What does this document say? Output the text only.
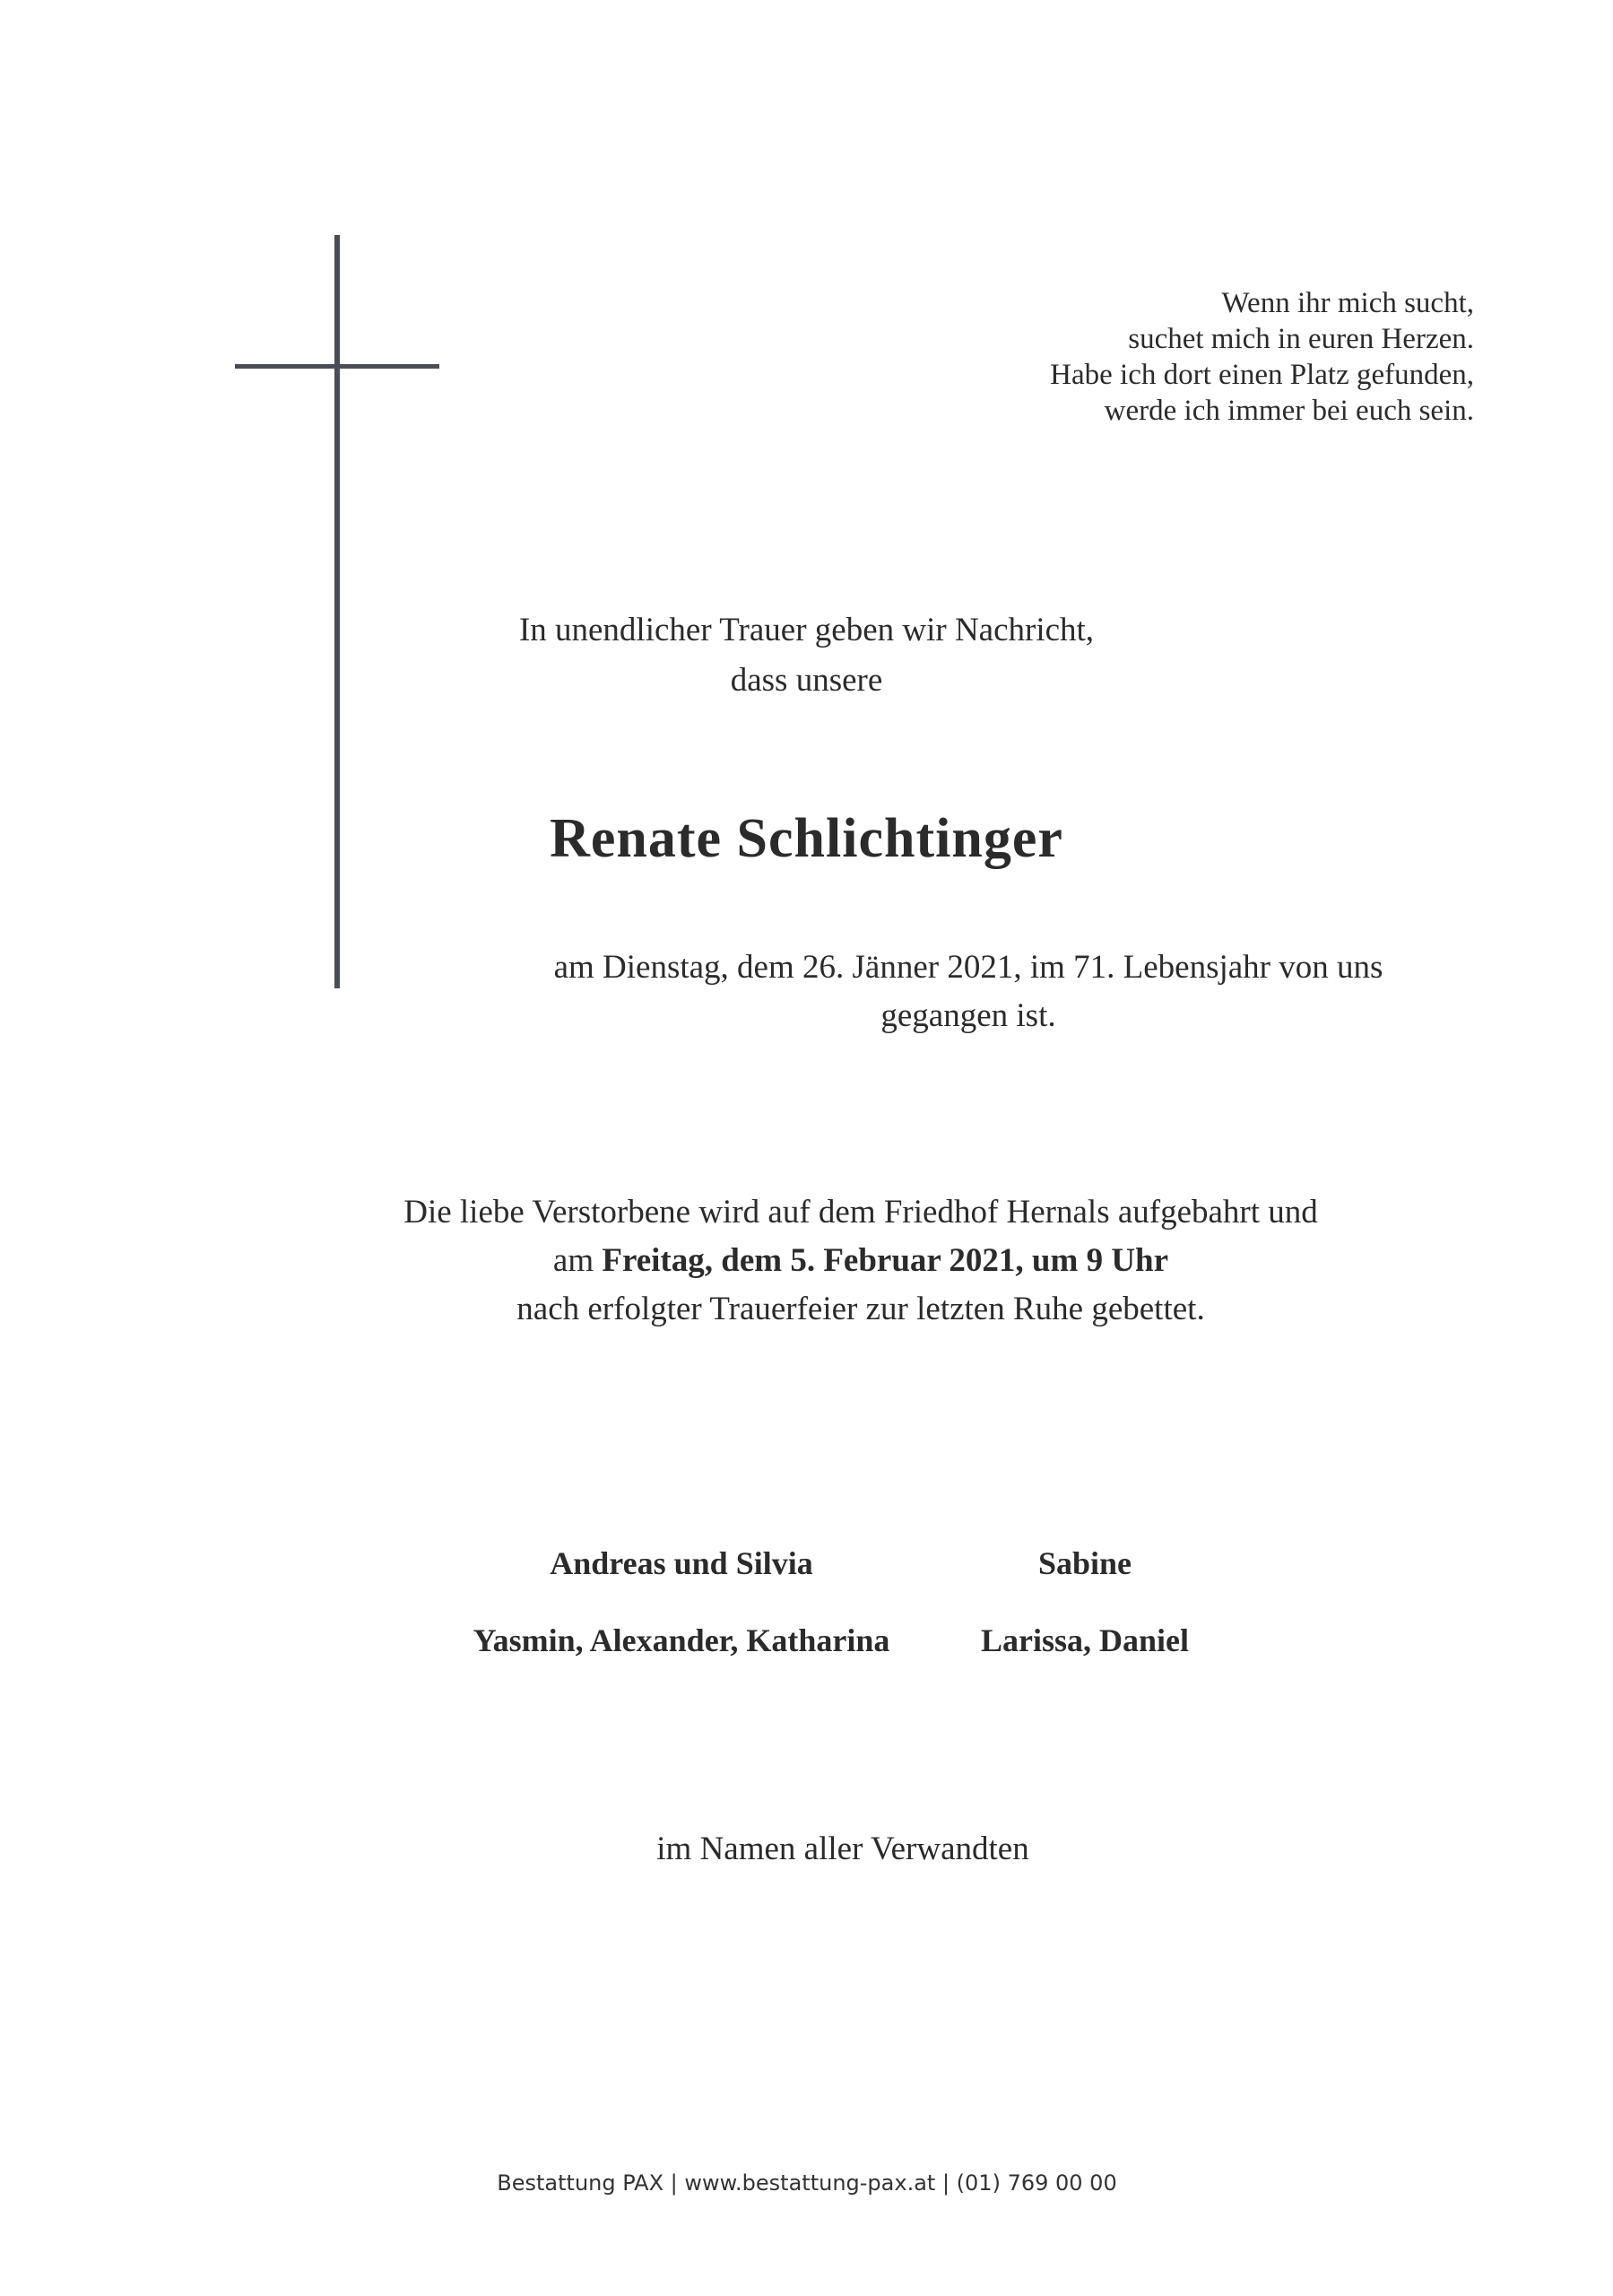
Wenn ihr mich sucht,
suchet mich in euren Herzen.
Habe ich dort einen Platz gefunden,
werde ich immer bei euch sein.
In unendlicher Trauer geben wir Nachricht,
dass unsere
Renate Schlichtinger
am Dienstag, dem 26. Jänner 2021, im 71. Lebensjahr von uns
gegangen ist.
Die liebe Verstorbene wird auf dem Friedhof Hernals aufgebahrt und
am Freitag, dem 5. Februar 2021, um 9 Uhr
nach erfolgter Trauerfeier zur letzten Ruhe gebettet.
Andreas und Silvia
Yasmin, Alexander, Katharina
Sabine
Larissa, Daniel
im Namen aller Verwandten
Bestattung PAX | www.bestattung-pax.at | (01) 769 00 00
